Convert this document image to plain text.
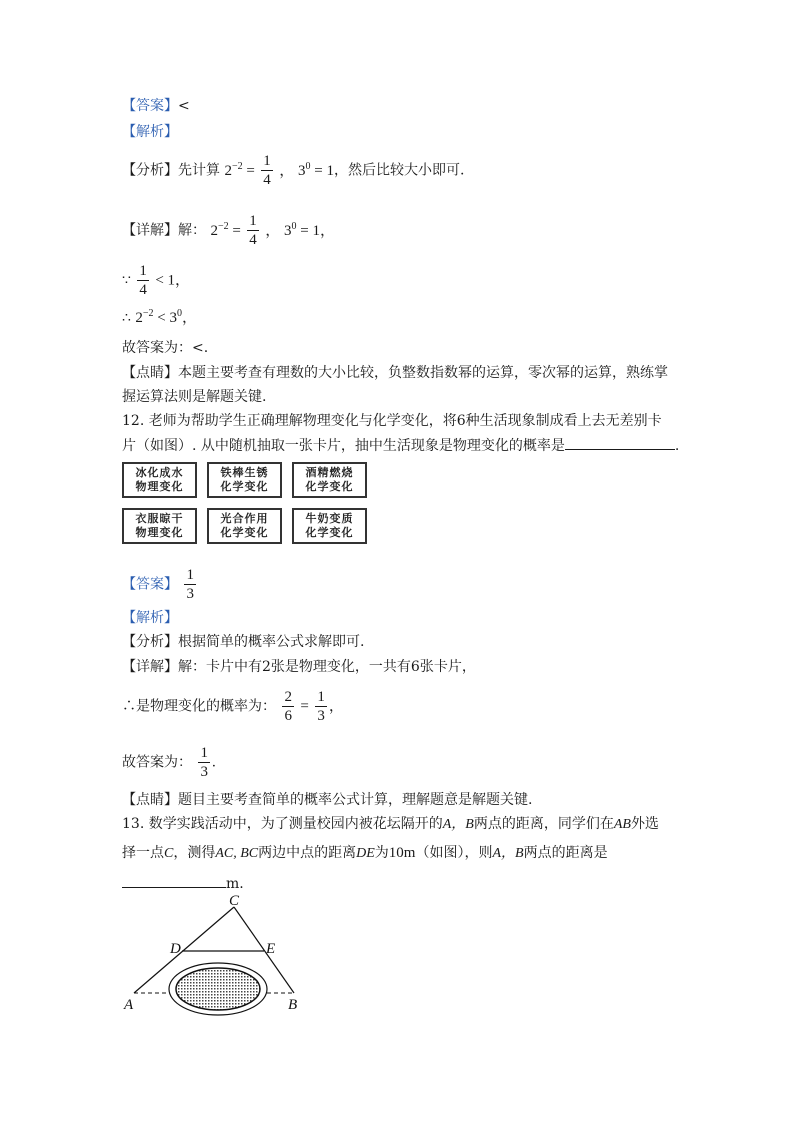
【答案】<
【解析】
【分析】先计算 $2^{-2} = \frac{1}{4}$ ， $3^0 = 1$，然后比较大小即可.
【详解】解： $2^{-2} = \frac{1}{4}$ ， $3^0 = 1$，
∵ $\frac{1}{4} < 1$，
∴ $2^{-2} < 3^0$，
故答案为：<.
【点睛】本题主要考查有理数的大小比较，负整数指数幂的运算，零次幂的运算，熟练掌
握运算法则是解题关键.
12. 老师为帮助学生正确理解物理变化与化学变化，将6种生活现象制成看上去无差别卡
片（如图）. 从中随机抽取一张卡片，抽中生活现象是物理变化的概率是	.
冰化成水
物理变化
铁棒生锈
化学变化
酒精燃烧
化学变化
衣服晾干
物理变化
光合作用
化学变化
牛奶变质
化学变化
【答案】 $\frac{1}{3}$
【解析】
【分析】根据简单的概率公式求解即可.
【详解】解：卡片中有2张是物理变化，一共有6张卡片，
∴是物理变化的概率为： $\frac{2}{6} = \frac{1}{3}$ ，
故答案为： $\frac{1}{3}$ .
【点睛】题目主要考查简单的概率公式计算，理解题意是解题关键.
13. 数学实践活动中，为了测量校园内被花坛隔开的A，B两点的距离，同学们在AB外选
择一点C，测得AC, BC两边中点的距离DE为10m（如图），则A，B两点的距离是
m.
C
D	E
A	B
